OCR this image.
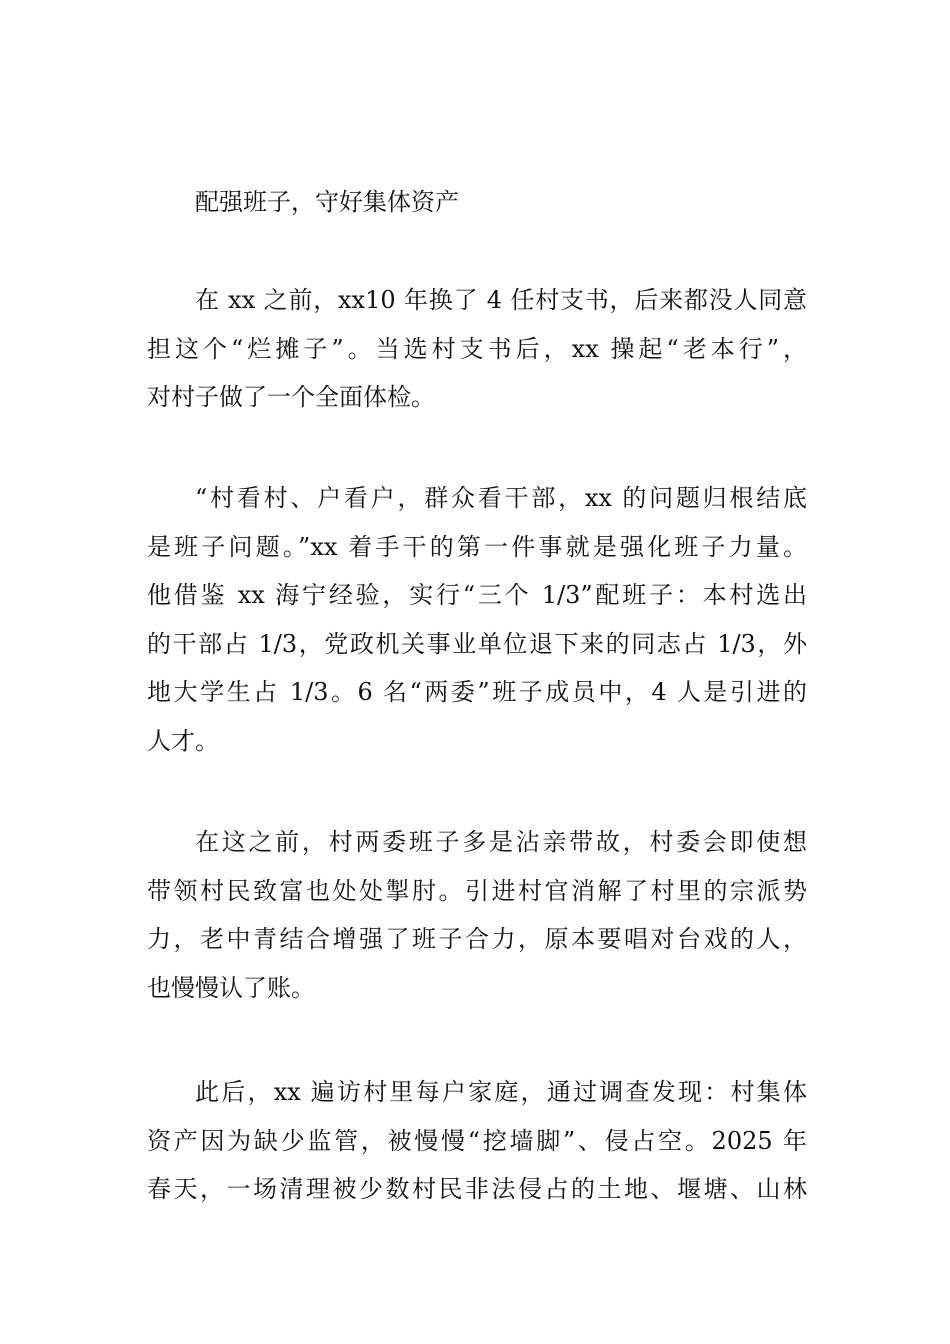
配强班子，守好集体资产
在 xx 之前，xx10 年换了 4 任村支书，后来都没人同意
担这个“烂摊子”。当选村支书后，xx 操起“老本行”，
对村子做了一个全面体检。
“村看村、户看户，群众看干部，xx 的问题归根结底
是班子问题。”xx 着手干的第一件事就是强化班子力量。
他借鉴 xx 海宁经验，实行“三个 1/3”配班子：本村选出
的干部占 1/3，党政机关事业单位退下来的同志占 1/3，外
地大学生占 1/3。6 名“两委”班子成员中，4 人是引进的
人才。
在这之前，村两委班子多是沾亲带故，村委会即使想
带领村民致富也处处掣肘。引进村官消解了村里的宗派势
力，老中青结合增强了班子合力，原本要唱对台戏的人，
也慢慢认了账。
此后，xx 遍访村里每户家庭，通过调查发现：村集体
资产因为缺少监管，被慢慢“挖墙脚”、侵占空。2025 年
春天，一场清理被少数村民非法侵占的土地、堰塘、山林
